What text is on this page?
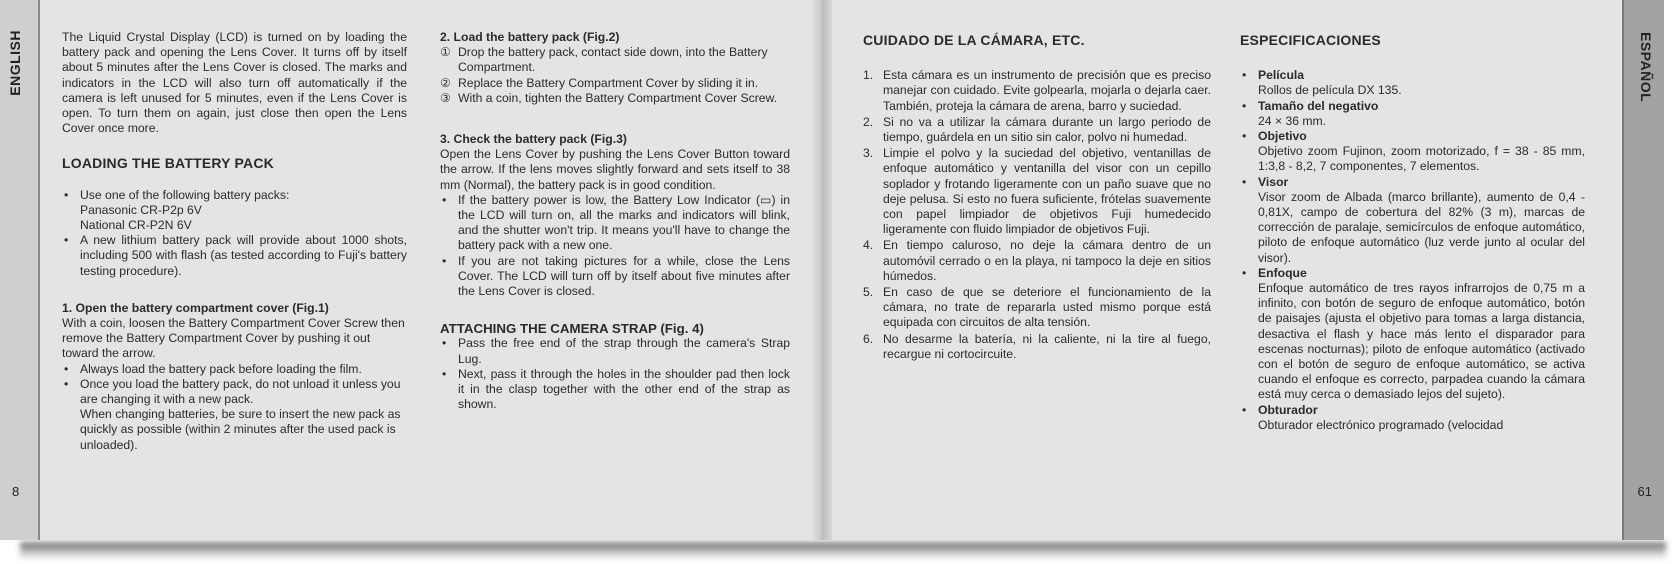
ENGLISH	ESPAÑOL
8	61

The Liquid Crystal Display (LCD) is turned on by loading the battery pack and opening the Lens Cover. It turns off by itself about 5 minutes after the Lens Cover is closed. The marks and indicators in the LCD will also turn off automatically if the camera is left unused for 5 minutes, even if the Lens Cover is open. To turn them on again, just close then open the Lens Cover once more.

LOADING THE BATTERY PACK
• Use one of the following battery packs:
Panasonic CR-P2p 6V
National CR-P2N 6V
• A new lithium battery pack will provide about 1000 shots, including 500 with flash (as tested according to Fuji's battery testing procedure).
1. Open the battery compartment cover (Fig.1)

With a coin, loosen the Battery Compartment Cover Screw then remove the Battery Compartment Cover by pushing it out toward the arrow.

• Always load the battery pack before loading the film.
• Once you load the battery pack, do not unload it unless you are changing it with a new pack.
When changing batteries, be sure to insert the new pack as quickly as possible (within 2 minutes after the used pack is unloaded).
2. Load the battery pack (Fig.2)
① Drop the battery pack, contact side down, into the Battery Compartment.
② Replace the Battery Compartment Cover by sliding it in.
③ With a coin, tighten the Battery Compartment Cover Screw.
3. Check the battery pack (Fig.3)

Open the Lens Cover by pushing the Lens Cover Button toward the arrow. If the lens moves slightly forward and sets itself to 38 mm (Normal), the battery pack is in good condition.

• If the battery power is low, the Battery Low Indicator (▭) in the LCD will turn on, all the marks and indicators will blink, and the shutter won't trip. It means you'll have to change the battery pack with a new one.
• If you are not taking pictures for a while, close the Lens Cover. The LCD will turn off by itself about five minutes after the Lens Cover is closed.
ATTACHING THE CAMERA STRAP (Fig. 4)
• Pass the free end of the strap through the camera's Strap Lug.
• Next, pass it through the holes in the shoulder pad then lock it in the clasp together with the other end of the strap as shown.
CUIDADO DE LA CÁMARA, ETC.
1. Esta cámara es un instrumento de precisión que es preciso manejar con cuidado. Evite golpearla, mojarla o dejarla caer. También, proteja la cámara de arena, barro y suciedad.
2. Si no va a utilizar la cámara durante un largo periodo de tiempo, guárdela en un sitio sin calor, polvo ni humedad.
3. Limpie el polvo y la suciedad del objetivo, ventanillas de enfoque automático y ventanilla del visor con un cepillo soplador y frotando ligeramente con un paño suave que no deje pelusa. Si esto no fuera suficiente, frótelas suavemente con papel limpiador de objetivos Fuji humedecido ligeramente con fluido limpiador de objetivos Fuji.
4. En tiempo caluroso, no deje la cámara dentro de un automóvil cerrado o en la playa, ni tampoco la deje en sitios húmedos.
5. En caso de que se deteriore el funcionamiento de la cámara, no trate de repararla usted mismo porque está equipada con circuitos de alta tensión.
6. No desarme la batería, ni la caliente, ni la tire al fuego, recargue ni cortocircuite.
ESPECIFICACIONES
• Película
Rollos de película DX 135.
• Tamaño del negativo
24 × 36 mm.
• Objetivo
Objetivo zoom Fujinon, zoom motorizado, f = 38 - 85 mm, 1:3,8 - 8,2, 7 componentes, 7 elementos.
• Visor
Visor zoom de Albada (marco brillante), aumento de 0,4 - 0,81X, campo de cobertura del 82% (3 m), marcas de corrección de paralaje, semicírculos de enfoque automático, piloto de enfoque automático (luz verde junto al ocular del visor).
• Enfoque
Enfoque automático de tres rayos infrarrojos de 0,75 m a infinito, con botón de seguro de enfoque automático, botón de paisajes (ajusta el objetivo para tomas a larga distancia, desactiva el flash y hace más lento el disparador para escenas nocturnas); piloto de enfoque automático (activado con el botón de seguro de enfoque automático, se activa cuando el enfoque es correcto, parpadea cuando la cámara está muy cerca o demasiado lejos del sujeto).
• Obturador
Obturador electrónico programado (velocidad
